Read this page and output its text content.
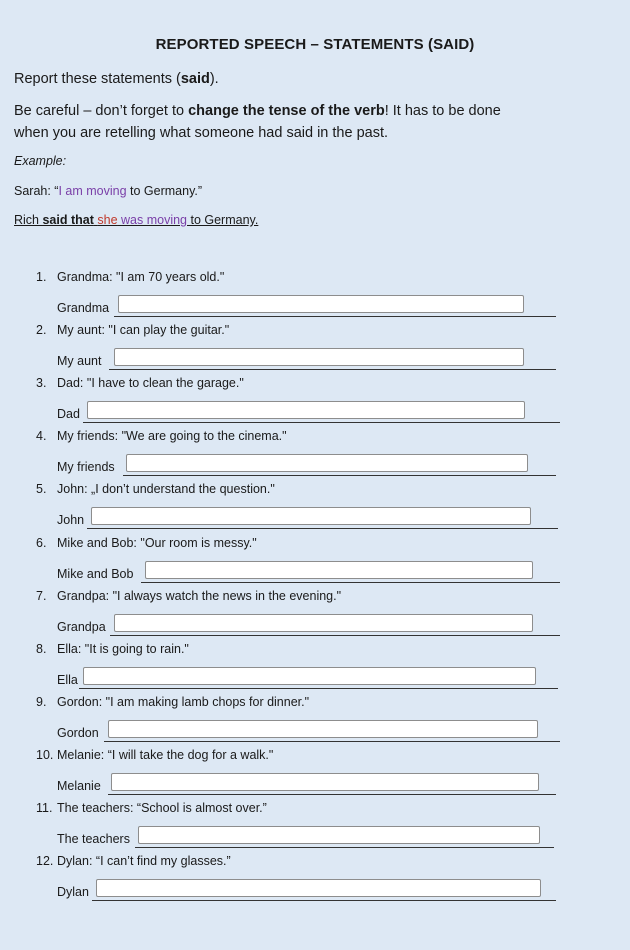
REPORTED SPEECH – STATEMENTS (SAID)
Report these statements (said).
Be careful – don’t forget to change the tense of the verb! It has to be done
when you are retelling what someone had said in the past.
Example:
Sarah: “I am moving to Germany.”
Rich said that she was moving to Germany.
1. Grandma: "I am 70 years old."
Grandma
2. My aunt: "I can play the guitar."
My aunt
3. Dad: "I have to clean the garage."
Dad
4. My friends: "We are going to the cinema."
My friends
5. John: „I don’t understand the question."
John
6. Mike and Bob: "Our room is messy."
Mike and Bob
7. Grandpa: "I always watch the news in the evening."
Grandpa
8. Ella: "It is going to rain."
Ella
9. Gordon: "I am making lamb chops for dinner."
Gordon
10. Melanie: “I will take the dog for a walk."
Melanie
11. The teachers: “School is almost over.”
The teachers
12. Dylan: “I can’t find my glasses.”
Dylan
